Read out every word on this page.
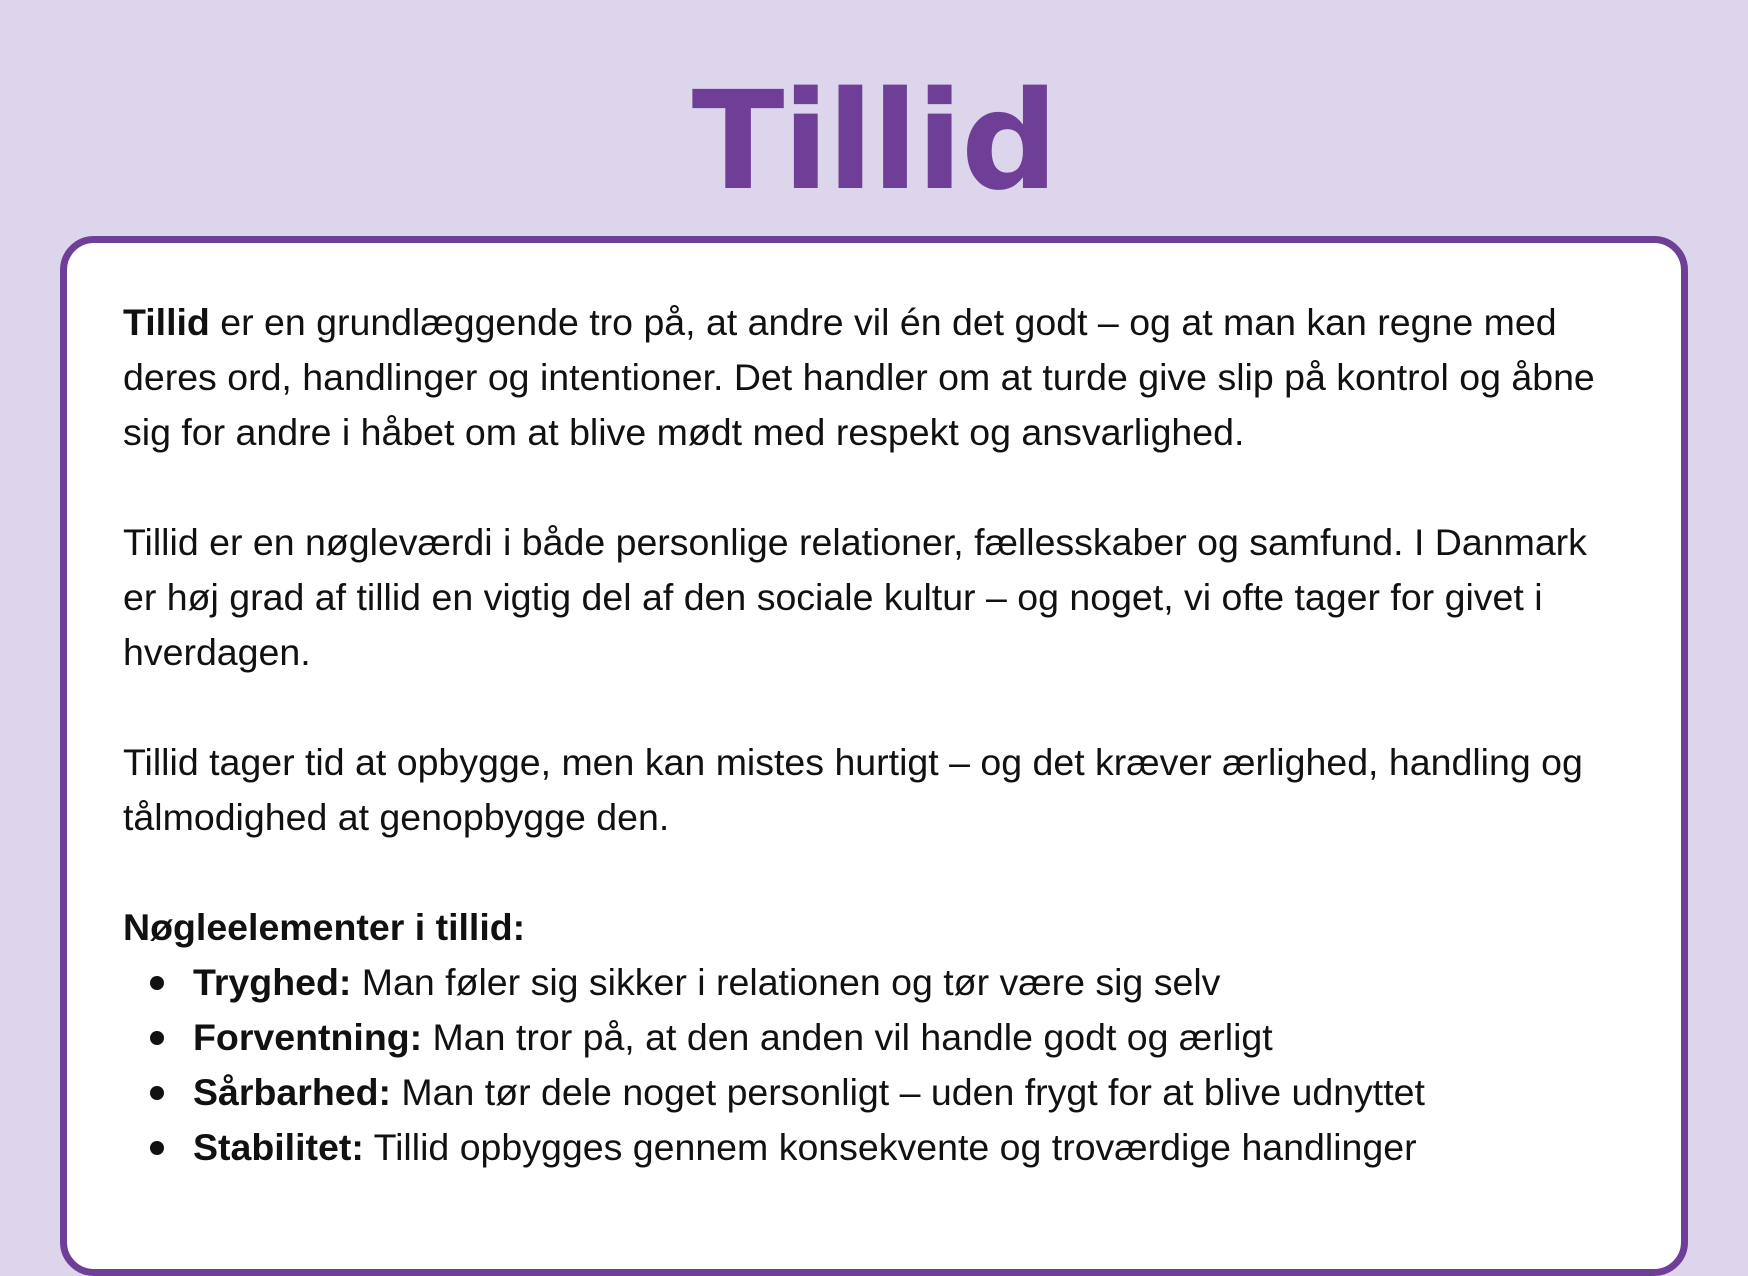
Tillid

Tillid er en grundlæggende tro på, at andre vil én det godt – og at man kan regne med deres ord, handlinger og intentioner. Det handler om at turde give slip på kontrol og åbne sig for andre i håbet om at blive mødt med respekt og ansvarlighed.

Tillid er en nøgleværdi i både personlige relationer, fællesskaber og samfund. I Danmark er høj grad af tillid en vigtig del af den sociale kultur – og noget, vi ofte tager for givet i hverdagen.

Tillid tager tid at opbygge, men kan mistes hurtigt – og det kræver ærlighed, handling og tålmodighed at genopbygge den.

Nøgleelementer i tillid:

Tryghed: Man føler sig sikker i relationen og tør være sig selv
Forventning: Man tror på, at den anden vil handle godt og ærligt
Sårbarhed: Man tør dele noget personligt – uden frygt for at blive udnyttet
Stabilitet: Tillid opbygges gennem konsekvente og troværdige handlinger
